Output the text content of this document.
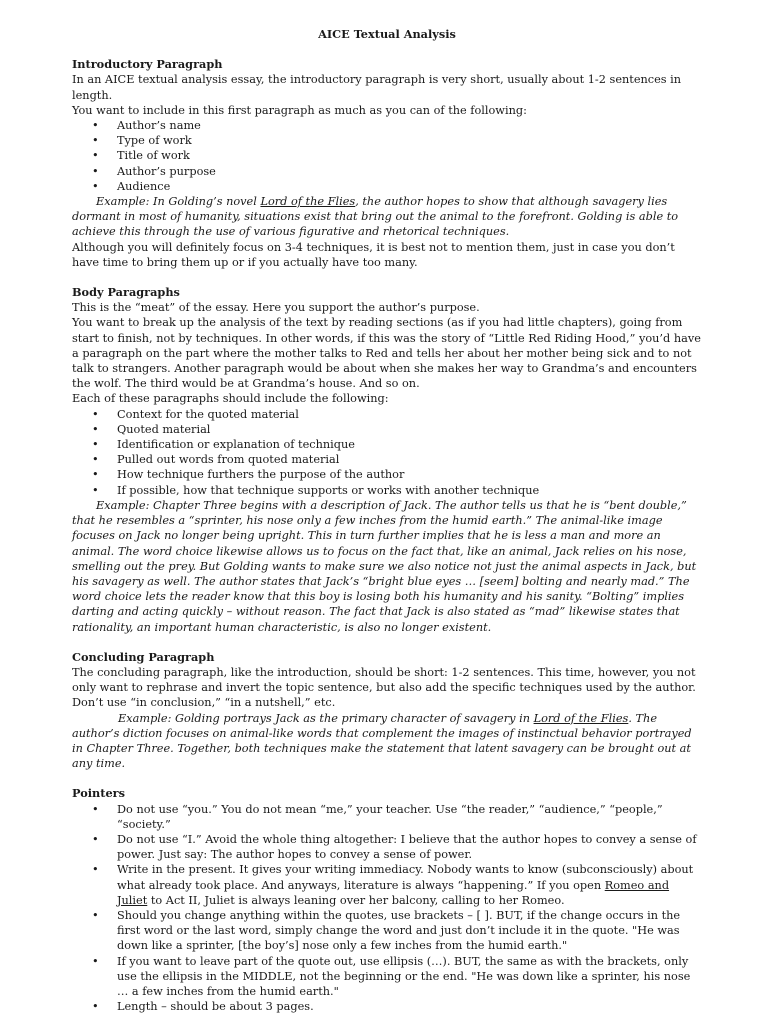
AICE Textual Analysis
Introductory Paragraph

In an AICE textual analysis essay, the introductory paragraph is very short, usually about 1-2 sentences in length.

You want to include in this first paragraph as much as you can of the following:

• Author’s name
• Type of work
• Title of work
• Author’s purpose
• Audience

Example: In Golding’s novel Lord of the Flies, the author hopes to show that although savagery lies dormant in most of humanity, situations exist that bring out the animal to the forefront. Golding is able to achieve this through the use of various figurative and rhetorical techniques.

Although you will definitely focus on 3-4 techniques, it is best not to mention them, just in case you don’t have time to bring them up or if you actually have too many.

Body Paragraphs

This is the “meat” of the essay. Here you support the author’s purpose.

You want to break up the analysis of the text by reading sections (as if you had little chapters), going from start to finish, not by techniques. In other words, if this was the story of “Little Red Riding Hood,” you’d have a paragraph on the part where the mother talks to Red and tells her about her mother being sick and to not talk to strangers. Another paragraph would be about when she makes her way to Grandma’s and encounters the wolf. The third would be at Grandma’s house. And so on.

Each of these paragraphs should include the following:

• Context for the quoted material
• Quoted material
• Identification or explanation of technique
• Pulled out words from quoted material
• How technique furthers the purpose of the author
• If possible, how that technique supports or works with another technique

Example: Chapter Three begins with a description of Jack. The author tells us that he is “bent double,” that he resembles a “sprinter, his nose only a few inches from the humid earth.” The animal-like image focuses on Jack no longer being upright. This in turn further implies that he is less a man and more an animal. The word choice likewise allows us to focus on the fact that, like an animal, Jack relies on his nose, smelling out the prey. But Golding wants to make sure we also notice not just the animal aspects in Jack, but his savagery as well. The author states that Jack’s “bright blue eyes … [seem] bolting and nearly mad.” The word choice lets the reader know that this boy is losing both his humanity and his sanity. “Bolting” implies darting and acting quickly – without reason. The fact that Jack is also stated as “mad” likewise states that rationality, an important human characteristic, is also no longer existent.

Concluding Paragraph

The concluding paragraph, like the introduction, should be short: 1-2 sentences. This time, however, you not only want to rephrase and invert the topic sentence, but also add the specific techniques used by the author. Don’t use “in conclusion,” “in a nutshell,” etc.

Example: Golding portrays Jack as the primary character of savagery in Lord of the Flies. The author’s diction focuses on animal-like words that complement the images of instinctual behavior portrayed in Chapter Three. Together, both techniques make the statement that latent savagery can be brought out at any time.

Pointers
• Do not use “you.” You do not mean “me,” your teacher. Use “the reader,” “audience,” “people,” “society.”
• Do not use “I.” Avoid the whole thing altogether: I believe that the author hopes to convey a sense of power. Just say: The author hopes to convey a sense of power.
• Write in the present. It gives your writing immediacy. Nobody wants to know (subconsciously) about what already took place. And anyways, literature is always “happening.” If you open Romeo and Juliet to Act II, Juliet is always leaning over her balcony, calling to her Romeo.
• Should you change anything within the quotes, use brackets – [ ]. BUT, if the change occurs in the first word or the last word, simply change the word and just don’t include it in the quote. "He was down like a sprinter, [the boy’s] nose only a few inches from the humid earth."
• If you want to leave part of the quote out, use ellipsis (…). BUT, the same as with the brackets, only use the ellipsis in the MIDDLE, not the beginning or the end. "He was down like a sprinter, his nose … a few inches from the humid earth."
• Length – should be about 3 pages.
